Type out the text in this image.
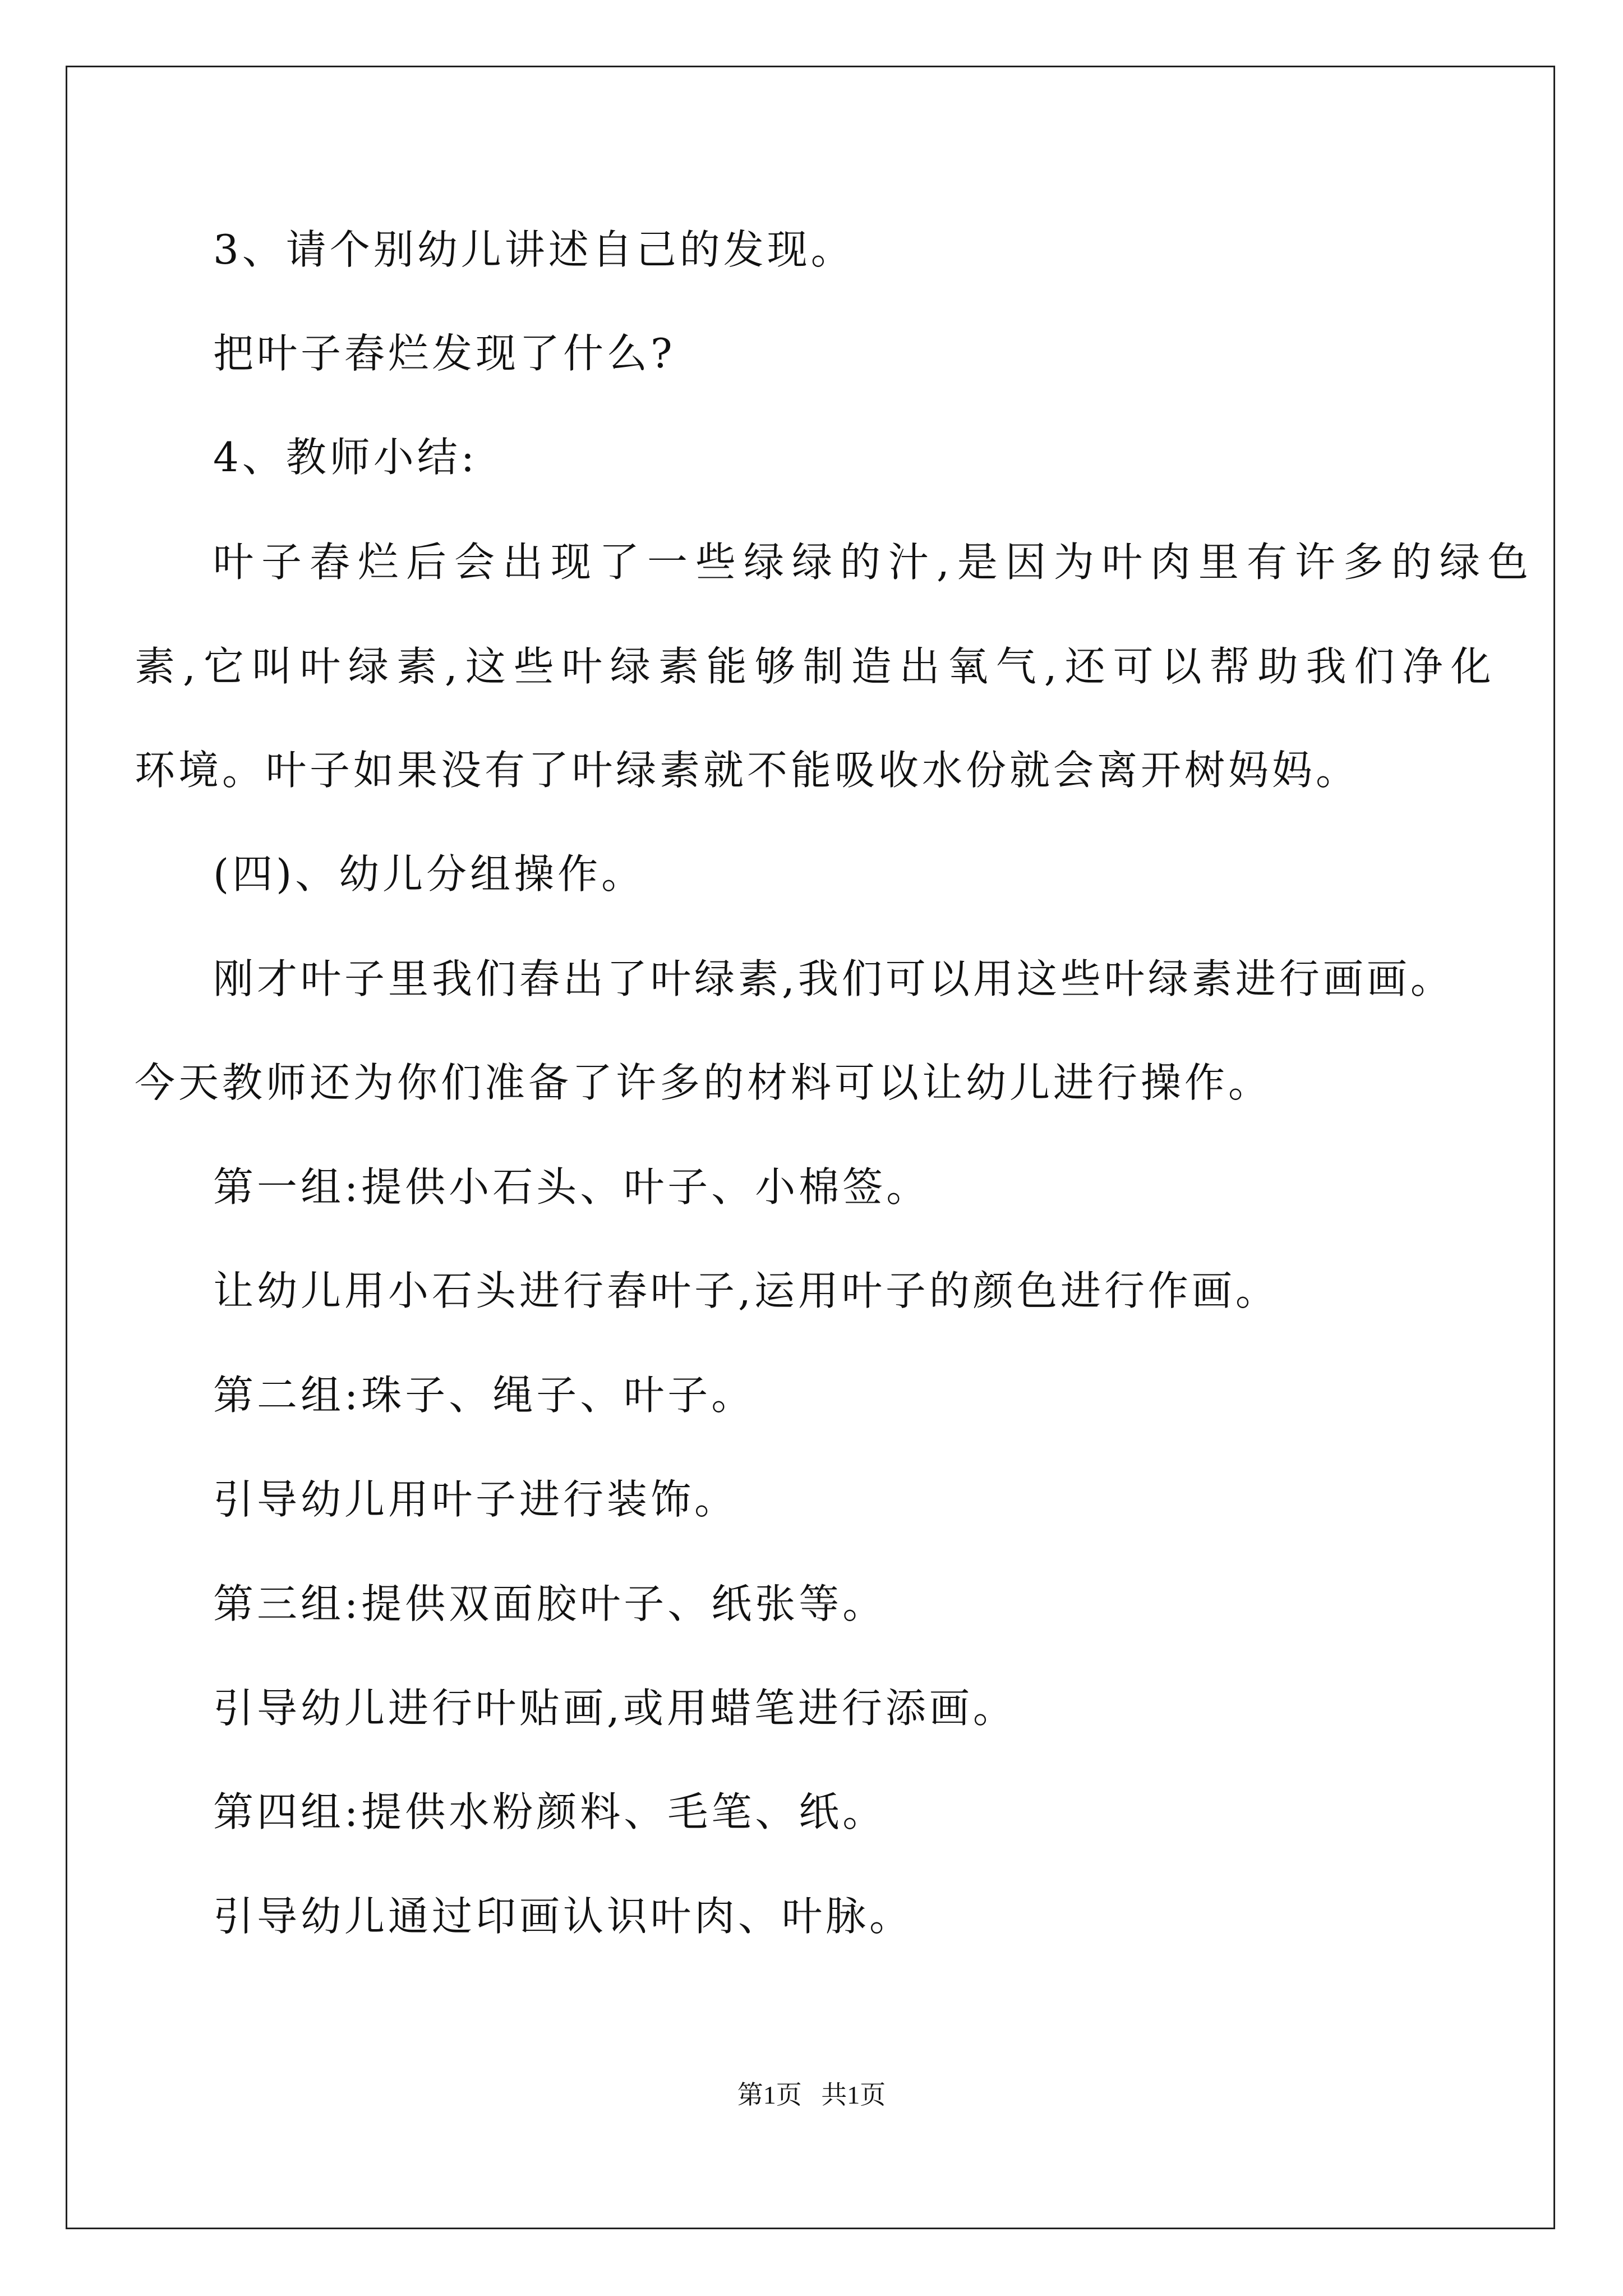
3、请个别幼儿讲述自己的发现。
把叶子舂烂发现了什么?
4、教师小结:
叶子舂烂后会出现了一些绿绿的汁,是因为叶肉里有许多的绿色
素,它叫叶绿素,这些叶绿素能够制造出氧气,还可以帮助我们净化
环境。叶子如果没有了叶绿素就不能吸收水份就会离开树妈妈。
(四)、幼儿分组操作。
刚才叶子里我们舂出了叶绿素,我们可以用这些叶绿素进行画画。
今天教师还为你们准备了许多的材料可以让幼儿进行操作。
第一组:提供小石头、叶子、小棉签。
让幼儿用小石头进行舂叶子,运用叶子的颜色进行作画。
第二组:珠子、绳子、叶子。
引导幼儿用叶子进行装饰。
第三组:提供双面胶叶子、纸张等。
引导幼儿进行叶贴画,或用蜡笔进行添画。
第四组:提供水粉颜料、毛笔、纸。
引导幼儿通过印画认识叶肉、叶脉。
第1页   共1页
